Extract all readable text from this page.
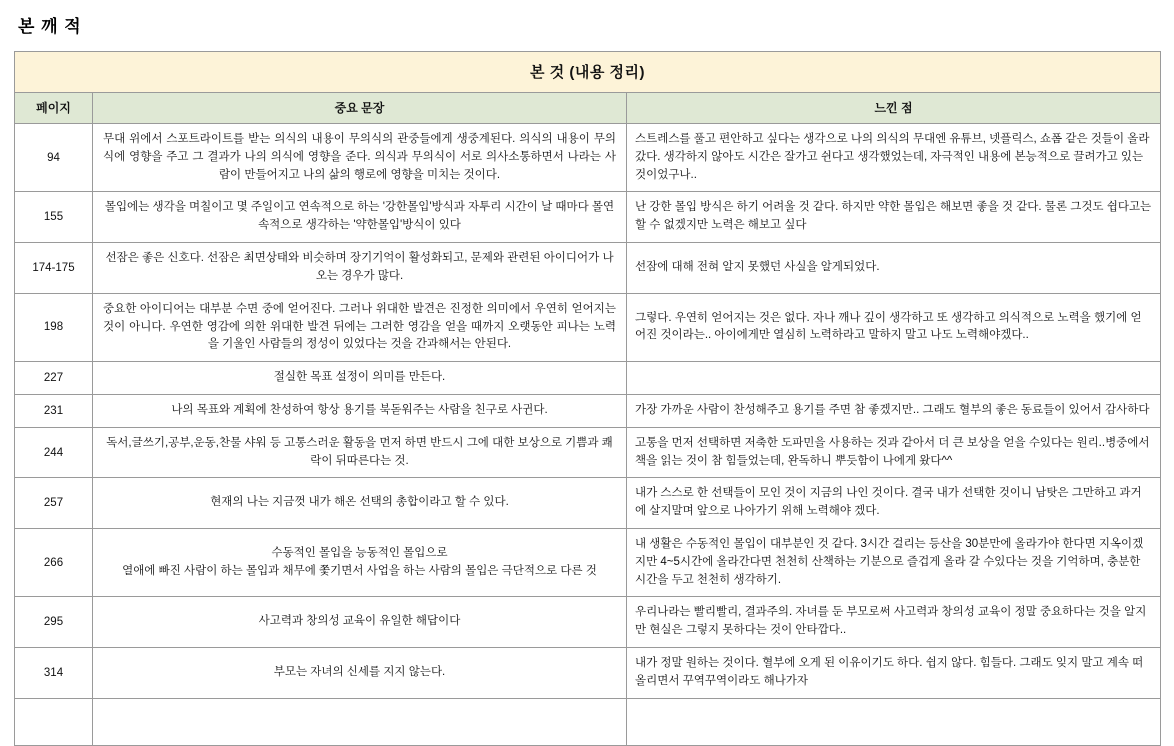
본 깨 적
본 것 (내용 정리)		
페이지	중요 문장	느낀 점
94	무대 위에서 스포트라이트를 받는 의식의 내용이 무의식의 관중들에게 생중계된다. 의식의 내용이 무의식에 영향을 주고 그 결과가 나의 의식에 영향을 준다. 의식과 무의식이 서로 의사소통하면서 나라는 사람이 만들어지고 나의 삶의 행로에 영향을 미치는 것이다.	스트레스를 풀고 편안하고 싶다는 생각으로 나의 의식의 무대엔 유튜브, 넷플릭스, 쇼폼 같은 것들이 올라갔다. 생각하지 않아도 시간은 잘가고 쉰다고 생각했었는데, 자극적인 내용에 본능적으로 끌려가고 있는 것이었구나..
155	몰입에는 생각을 며칠이고 몇 주일이고 연속적으로 하는 '강한몰입'방식과 자투리 시간이 날 때마다 몰연속적으로 생각하는 '약한몰입'방식이 있다	난 강한 몰입 방식은 하기 어려울 것 같다. 하지만 약한 몰입은 해보면 좋을 것 같다. 물론 그것도 쉽다고는 할 수 없겠지만 노력은 해보고 싶다
174-175	선잠은 좋은 신호다. 선잠은 최면상태와 비슷하며 장기기억이 활성화되고, 문제와 관련된 아이디어가 나오는 경우가 많다.	선잠에 대해 전혀 알지 못했던 사실을 알게되었다.
198	중요한 아이디어는 대부분 수면 중에 얻어진다. 그러나 위대한 발견은 진정한 의미에서 우연히 얻어지는 것이 아니다. 우연한 영감에 의한 위대한 발견 뒤에는 그러한 영감을 얻을 때까지 오랫동안 피나는 노력을 기울인 사람들의 정성이 있었다는 것을 간과해서는 안된다.	그렇다. 우연히 얻어지는 것은 없다. 자나 깨나 깊이 생각하고 또 생각하고 의식적으로 노력을 했기에 얻어진 것이라는.. 아이에게만 열심히 노력하라고 말하지 말고 나도 노력해야겠다..
227	절실한 목표 설정이 의미를 만든다.	
231	나의 목표와 계획에 찬성하여 항상 용기를 북돋워주는 사람을 친구로 사귄다.	가장 가까운 사람이 찬성해주고 용기를 주면 참 좋겠지만.. 그래도 혈부의 좋은 동료들이 있어서 감사하다
244	독서,글쓰기,공부,운동,찬물 샤워 등 고통스러운 활동을 먼저 하면 반드시 그에 대한 보상으로 기쁨과 쾌락이 뒤따른다는 것.	고통을 먼저 선택하면 저축한 도파민을 사용하는 것과 같아서 더 큰 보상을 얻을 수있다는 원리..병중에서 책을 읽는 것이 참 힘들었는데, 완독하니 뿌듯함이 나에게 왔다^^
257	현재의 나는 지금껏 내가 해온 선택의 총합이라고 할 수 있다.	내가 스스로 한 선택들이 모인 것이 지금의 나인 것이다. 결국 내가 선택한 것이니 남탓은 그만하고 과거에 살지말며 앞으로 나아가기 위해 노력해야 겠다.
266	수동적인 몰입을 능동적인 몰입으로
열애에 빠진 사람이 하는 몰입과 채무에 쫓기면서 사업을 하는 사람의 몰입은 극단적으로 다른 것	내 생활은 수동적인 몰입이 대부분인 것 같다. 3시간 걸리는 등산을 30분만에 올라가야 한다면 지옥이겠지만 4~5시간에 올라간다면 천천히 산책하는 기분으로 즐겁게 올라 갈 수있다는 것을 기억하며, 충분한 시간을 두고 천천히 생각하기.
295	사고력과 창의성 교육이 유일한 해답이다	우리나라는 빨리빨리, 결과주의. 자녀를 둔 부모로써 사고력과 창의성 교육이 정말 중요하다는 것을 알지만 현실은 그렇지 못하다는 것이 안타깝다..
314	부모는 자녀의 신세를 지지 않는다.	내가 정말 원하는 것이다. 혈부에 오게 된 이유이기도 하다. 쉽지 않다. 힘들다. 그래도 잊지 말고 계속 떠올리면서 꾸역꾸역이라도 해나가자
